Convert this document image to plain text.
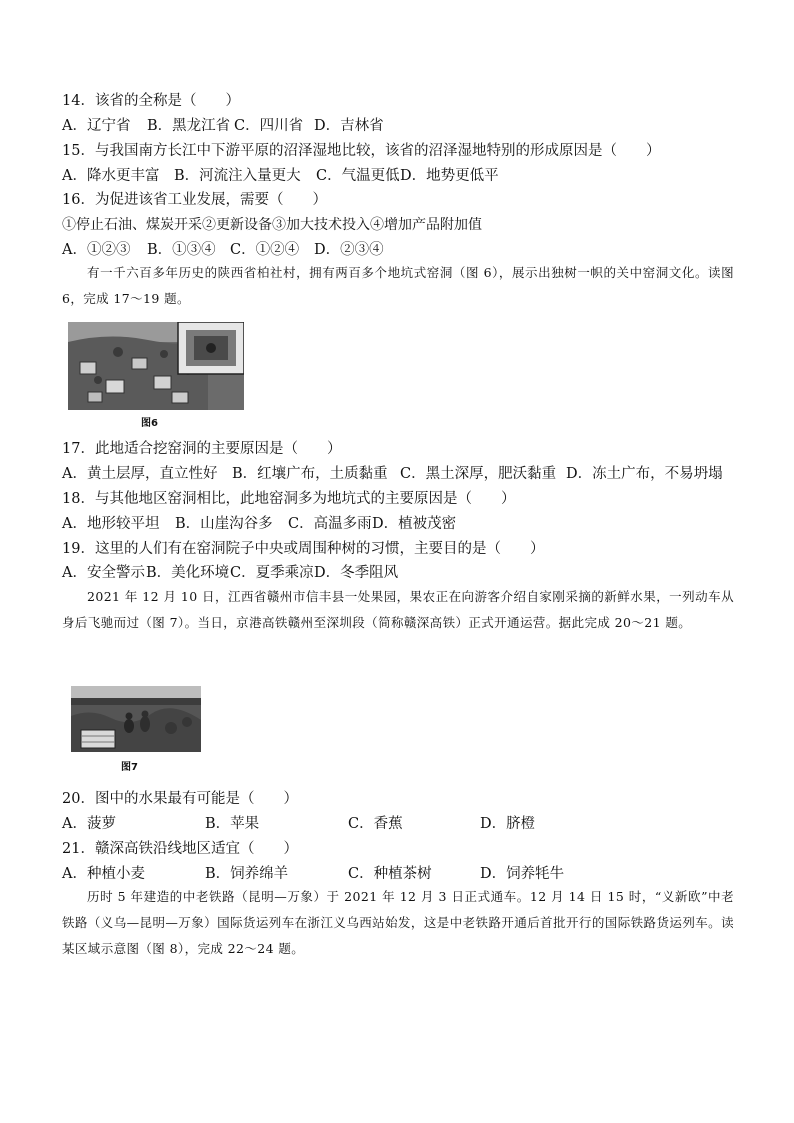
14．该省的全称是（　　）
A．辽宁省 B．黑龙江省 C．四川省 D．吉林省
15．与我国南方长江中下游平原的沼泽湿地比较，该省的沼泽湿地特别的形成原因是（　　）
A．降水更丰富 B．河流注入量更大 C．气温更低 D．地势更低平
16．为促进该省工业发展，需要（　　）
①停止石油、煤炭开采②更新设备③加大技术投入④增加产品附加值
A．①②③ B．①③④ C．①②④ D．②③④
有一千六百多年历史的陕西省柏社村，拥有两百多个地坑式窑洞（图 6），展示出独树一帜的关中窑洞文化。读图 6，完成 17～19 题。
图6
17．此地适合挖窑洞的主要原因是（　　）
A．黄土层厚，直立性好 B．红壤广布，土质黏重 C．黑土深厚，肥沃黏重 D．冻土广布，不易坍塌
18．与其他地区窑洞相比，此地窑洞多为地坑式的主要原因是（　　）
A．地形较平坦 B．山崖沟谷多 C．高温多雨 D．植被茂密
19．这里的人们有在窑洞院子中央或周围种树的习惯，主要目的是（　　）
A．安全警示 B．美化环境 C．夏季乘凉 D．冬季阻风
2021 年 12 月 10 日，江西省赣州市信丰县一处果园，果农正在向游客介绍自家刚采摘的新鲜水果，一列动车从身后飞驰而过（图 7）。当日，京港高铁赣州至深圳段（简称赣深高铁）正式开通运营。据此完成 20～21 题。
图7
20．图中的水果最有可能是（　　）
A．菠萝	B．苹果	C．香蕉	D．脐橙
21．赣深高铁沿线地区适宜（　　）
A．种植小麦	B．饲养绵羊	C．种植茶树	D．饲养牦牛
历时 5 年建造的中老铁路（昆明—万象）于 2021 年 12 月 3 日正式通车。12 月 14 日 15 时，“义新欧”中老铁路（义乌—昆明—万象）国际货运列车在浙江义乌西站始发，这是中老铁路开通后首批开行的国际铁路货运列车。读某区域示意图（图 8），完成 22～24 题。
